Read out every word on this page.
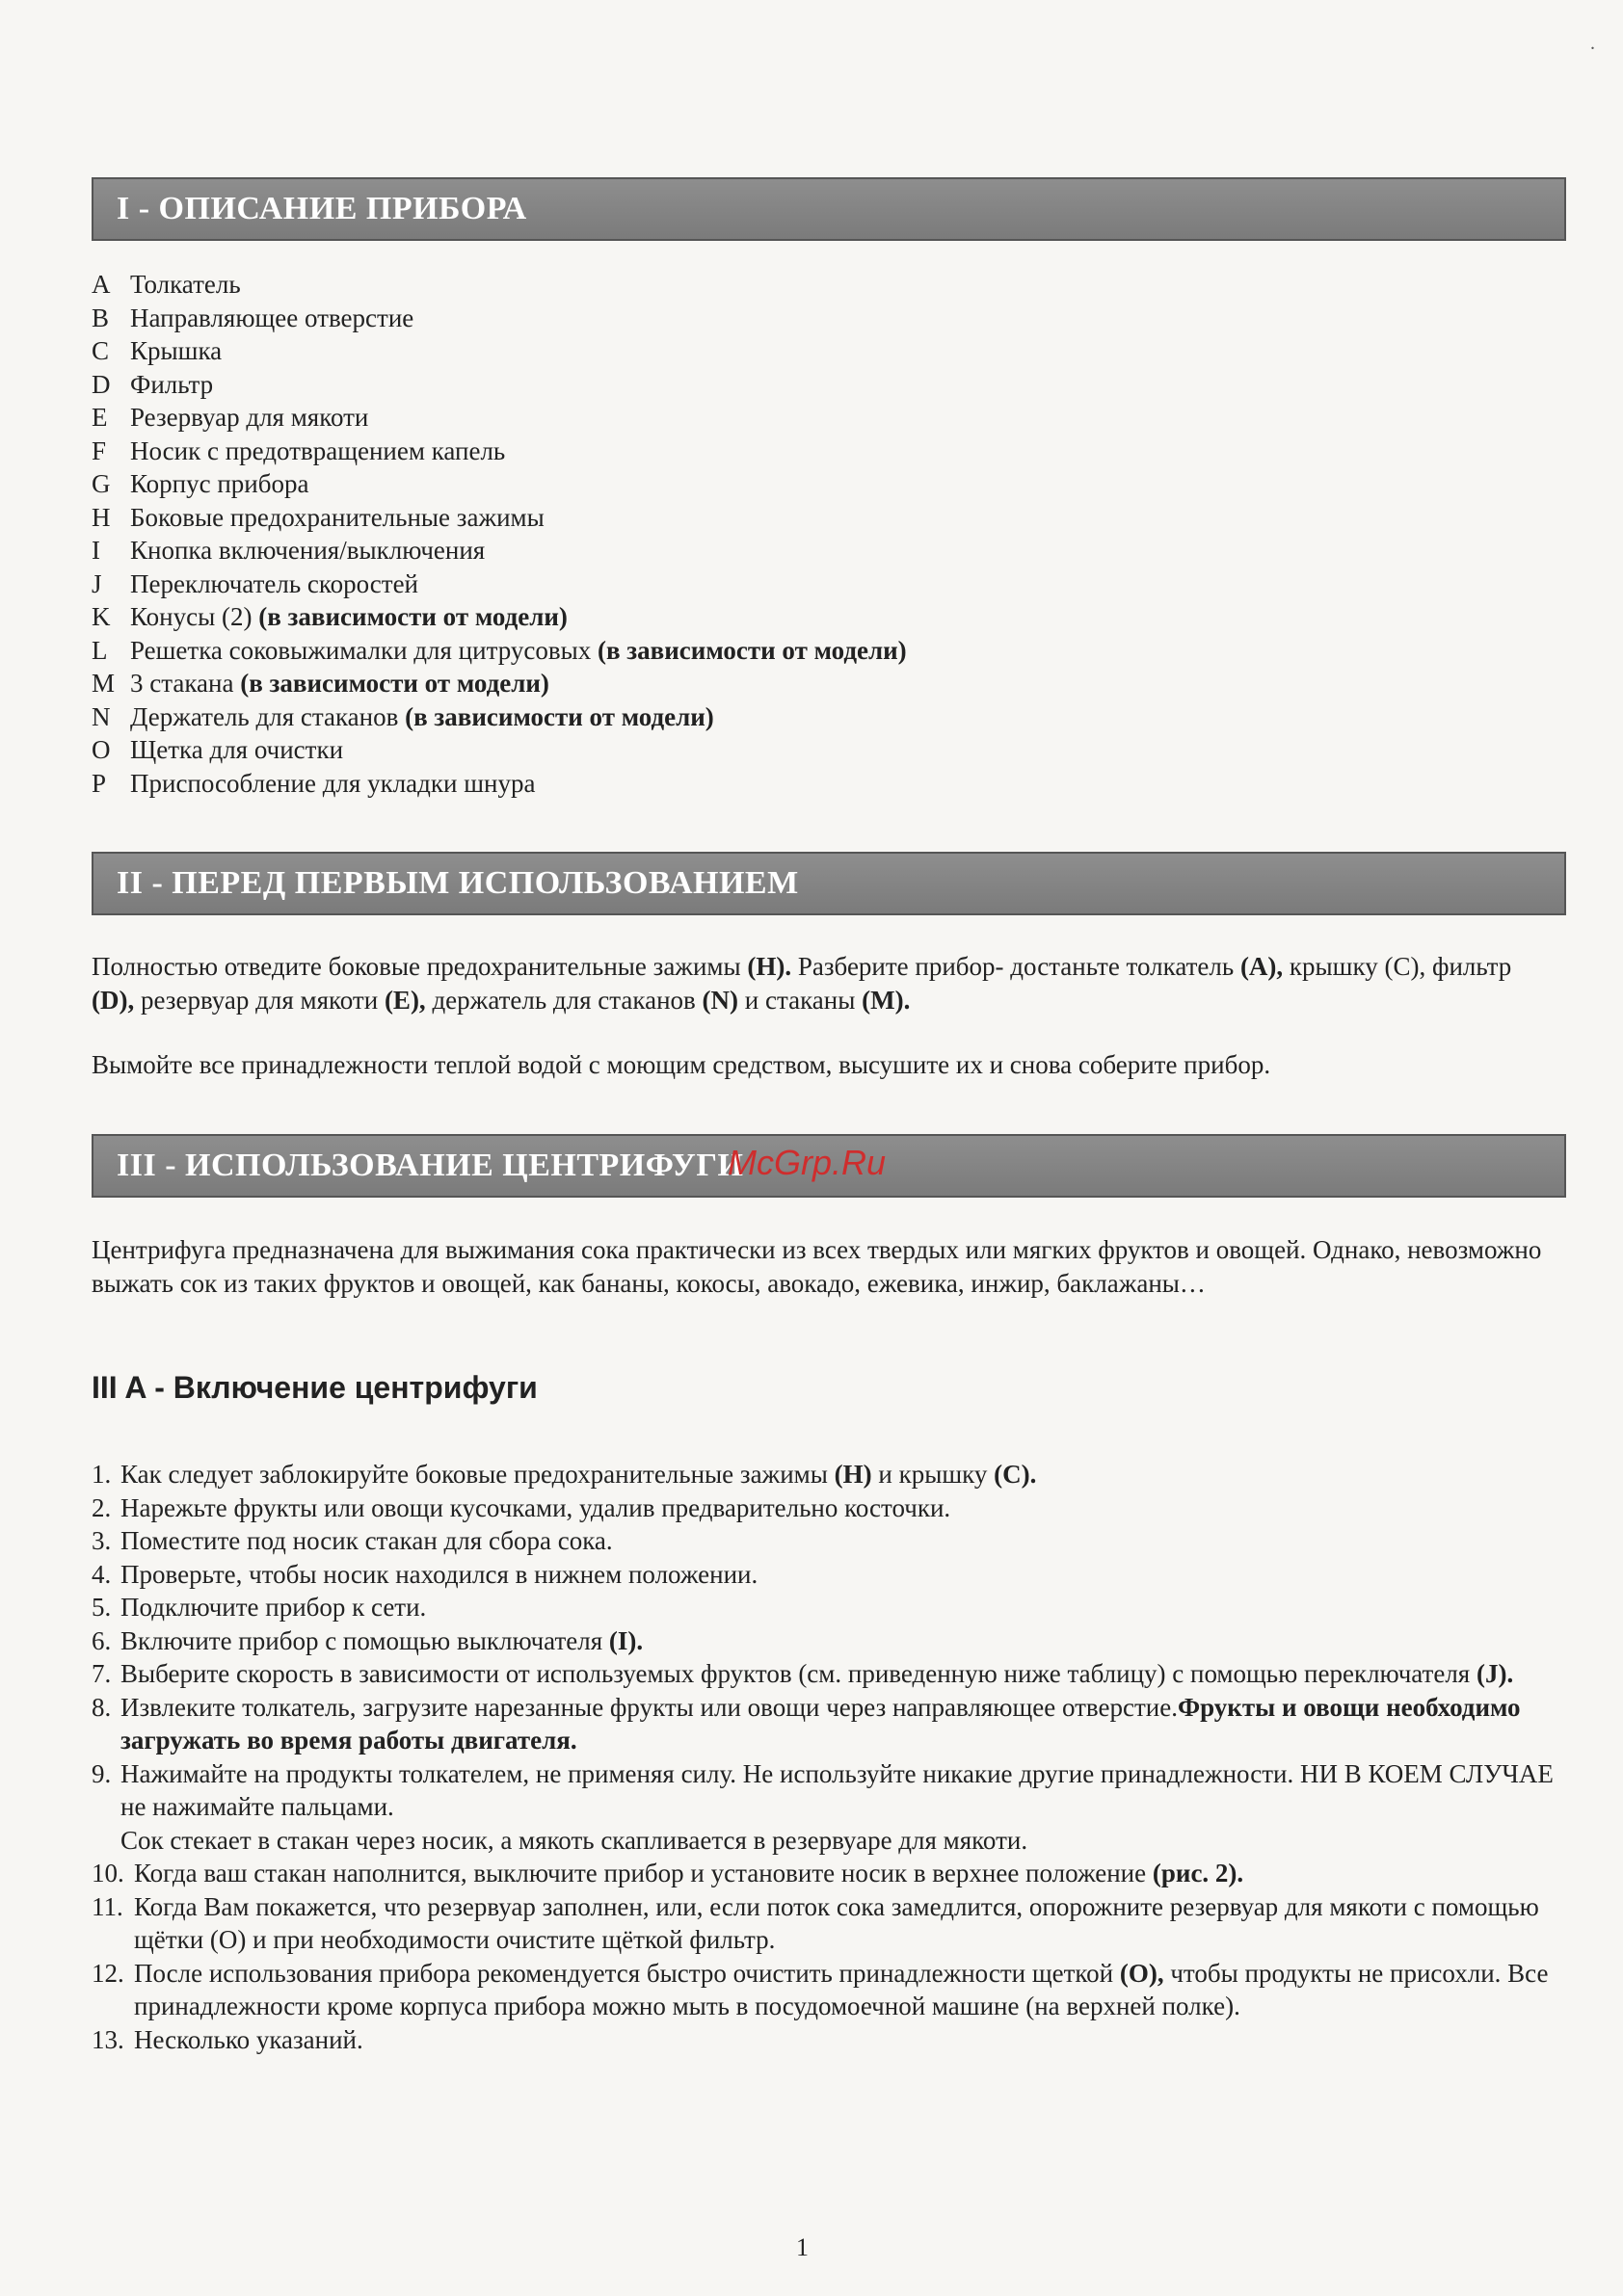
.
I - ОПИСАНИЕ ПРИБОРА
A Толкатель
B Направляющее отверстие
C Крышка
D Фильтр
E Резервуар для мякоти
F Носик с предотвращением капель
G Корпус прибора
H Боковые предохранительные зажимы
I Кнопка включения/выключения
J Переключатель скоростей
K Конусы (2) (в зависимости от модели)
L Решетка соковыжималки для цитрусовых (в зависимости от модели)
M 3 стакана (в зависимости от модели)
N Держатель для стаканов (в зависимости от модели)
O Щетка для очистки
P Приспособление для укладки шнура
II - ПЕРЕД ПЕРВЫМ ИСПОЛЬЗОВАНИЕМ
Полностью отведите боковые предохранительные зажимы (H). Разберите прибор- достаньте толкатель (A), крышку (С), фильтр (D), резервуар для мякоти (E), держатель для стаканов (N) и стаканы (M).
Вымойте все принадлежности теплой водой с моющим средством, высушите их и снова соберите прибор.
III - ИСПОЛЬЗОВАНИЕ ЦЕНТРИФУГИ
McGrp.Ru
Центрифуга предназначена для выжимания сока практически из всех твердых или мягких фруктов и овощей. Однако, невозможно выжать сок из таких фруктов и овощей, как бананы, кокосы, авокадо, ежевика, инжир, баклажаны…
III A - Включение центрифуги
1. Как следует заблокируйте боковые предохранительные зажимы (H) и крышку (С).
2. Нарежьте фрукты или овощи кусочками, удалив предварительно косточки.
3. Поместите под носик стакан для сбора сока.
4. Проверьте, чтобы носик находился в нижнем положении.
5. Подключите прибор к сети.
6. Включите прибор с помощью выключателя (I).
7. Выберите скорость в зависимости от используемых фруктов (см. приведенную ниже таблицу) с помощью переключателя (J).
8. Извлеките толкатель, загрузите нарезанные фрукты или овощи через направляющее отверстие.Фрукты и овощи необходимо загружать во время работы двигателя.
9. Нажимайте на продукты толкателем, не применяя силу. Не используйте никакие другие принадлежности. НИ В КОЕМ СЛУЧАЕ не нажимайте пальцами.
Сок стекает в стакан через носик, а мякоть скапливается в резервуаре для мякоти.
10. Когда ваш стакан наполнится, выключите прибор и установите носик в верхнее положение (рис. 2).
11. Когда Вам покажется, что резервуар заполнен, или, если поток сока замедлится, опорожните резервуар для мякоти с помощью щётки (О) и при необходимости очистите щёткой фильтр.
12. После использования прибора рекомендуется быстро очистить принадлежности щеткой (O), чтобы продукты не присохли. Все принадлежности кроме корпуса прибора можно мыть в посудомоечной машине (на верхней полке).
13. Несколько указаний.
1
